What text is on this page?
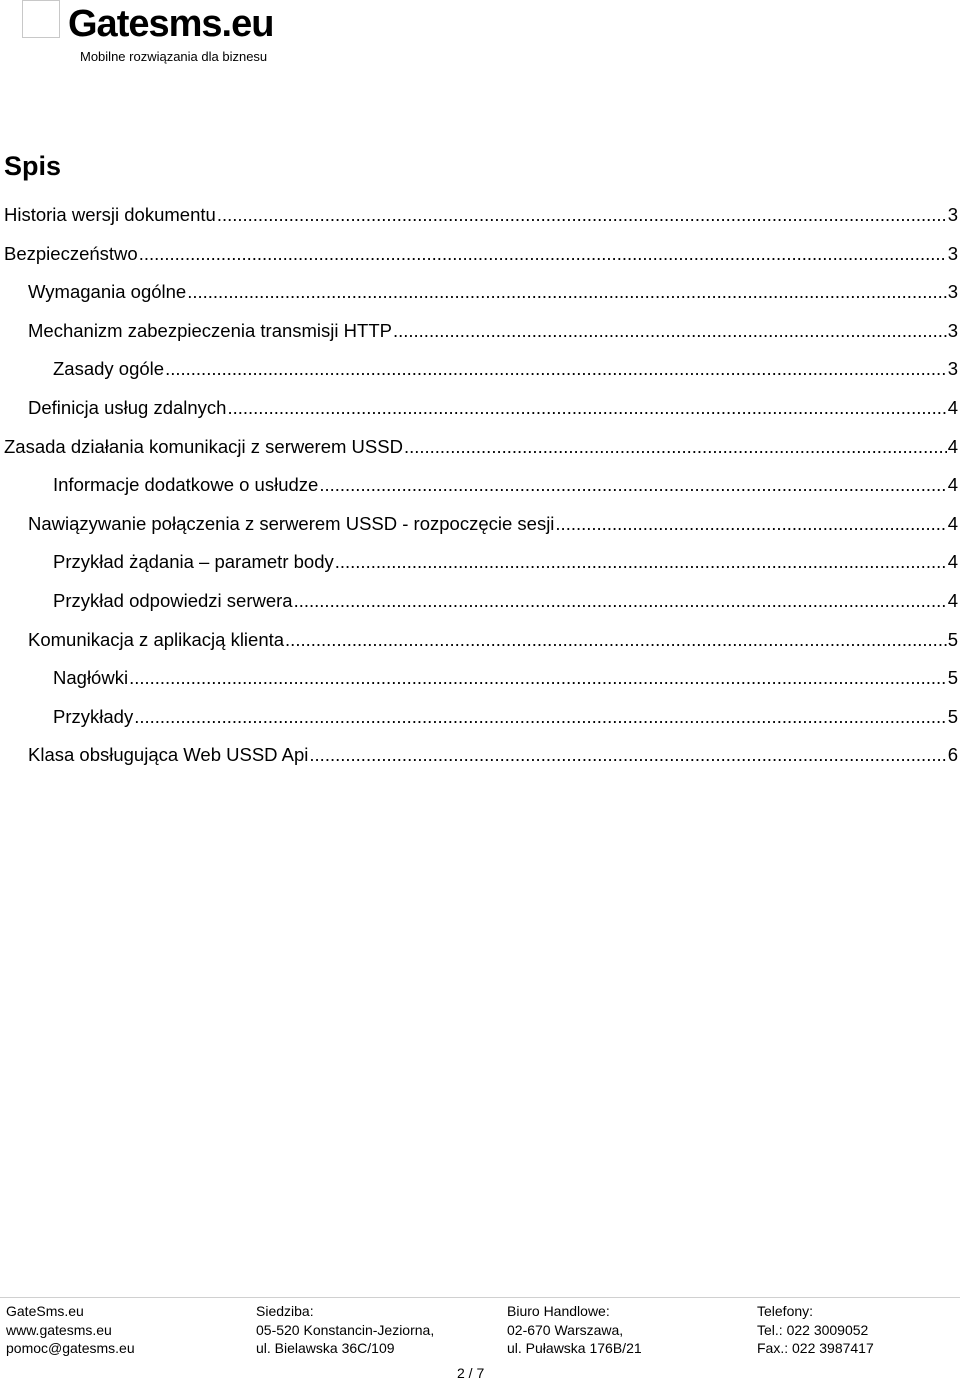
Gatesms.eu
Mobilne rozwiązania dla biznesu
Spis
Historia wersji dokumentu .....	3
Bezpieczeństwo .....	3
Wymagania ogólne .....	3
Mechanizm zabezpieczenia transmisji HTTP .....	3
Zasady ogóle .....	3
Definicja usług zdalnych .....	4
Zasada działania komunikacji z serwerem USSD .....	4
Informacje dodatkowe o usłudze .....	4
Nawiązywanie połączenia z serwerem USSD - rozpoczęcie sesji .....	4
Przykład żądania – parametr body .....	4
Przykład odpowiedzi serwera .....	4
Komunikacja z aplikacją klienta .....	5
Nagłówki .....	5
Przykłady .....	5
Klasa obsługująca Web USSD Api .....	6
GateSms.eu
www.gatesms.eu
pomoc@gatesms.eu
Siedziba:
05-520 Konstancin-Jeziorna,
ul. Bielawska 36C/109
Biuro Handlowe:
02-670 Warszawa,
ul. Puławska 176B/21
Telefony:
Tel.: 022 3009052
Fax.: 022 3987417
2 / 7
